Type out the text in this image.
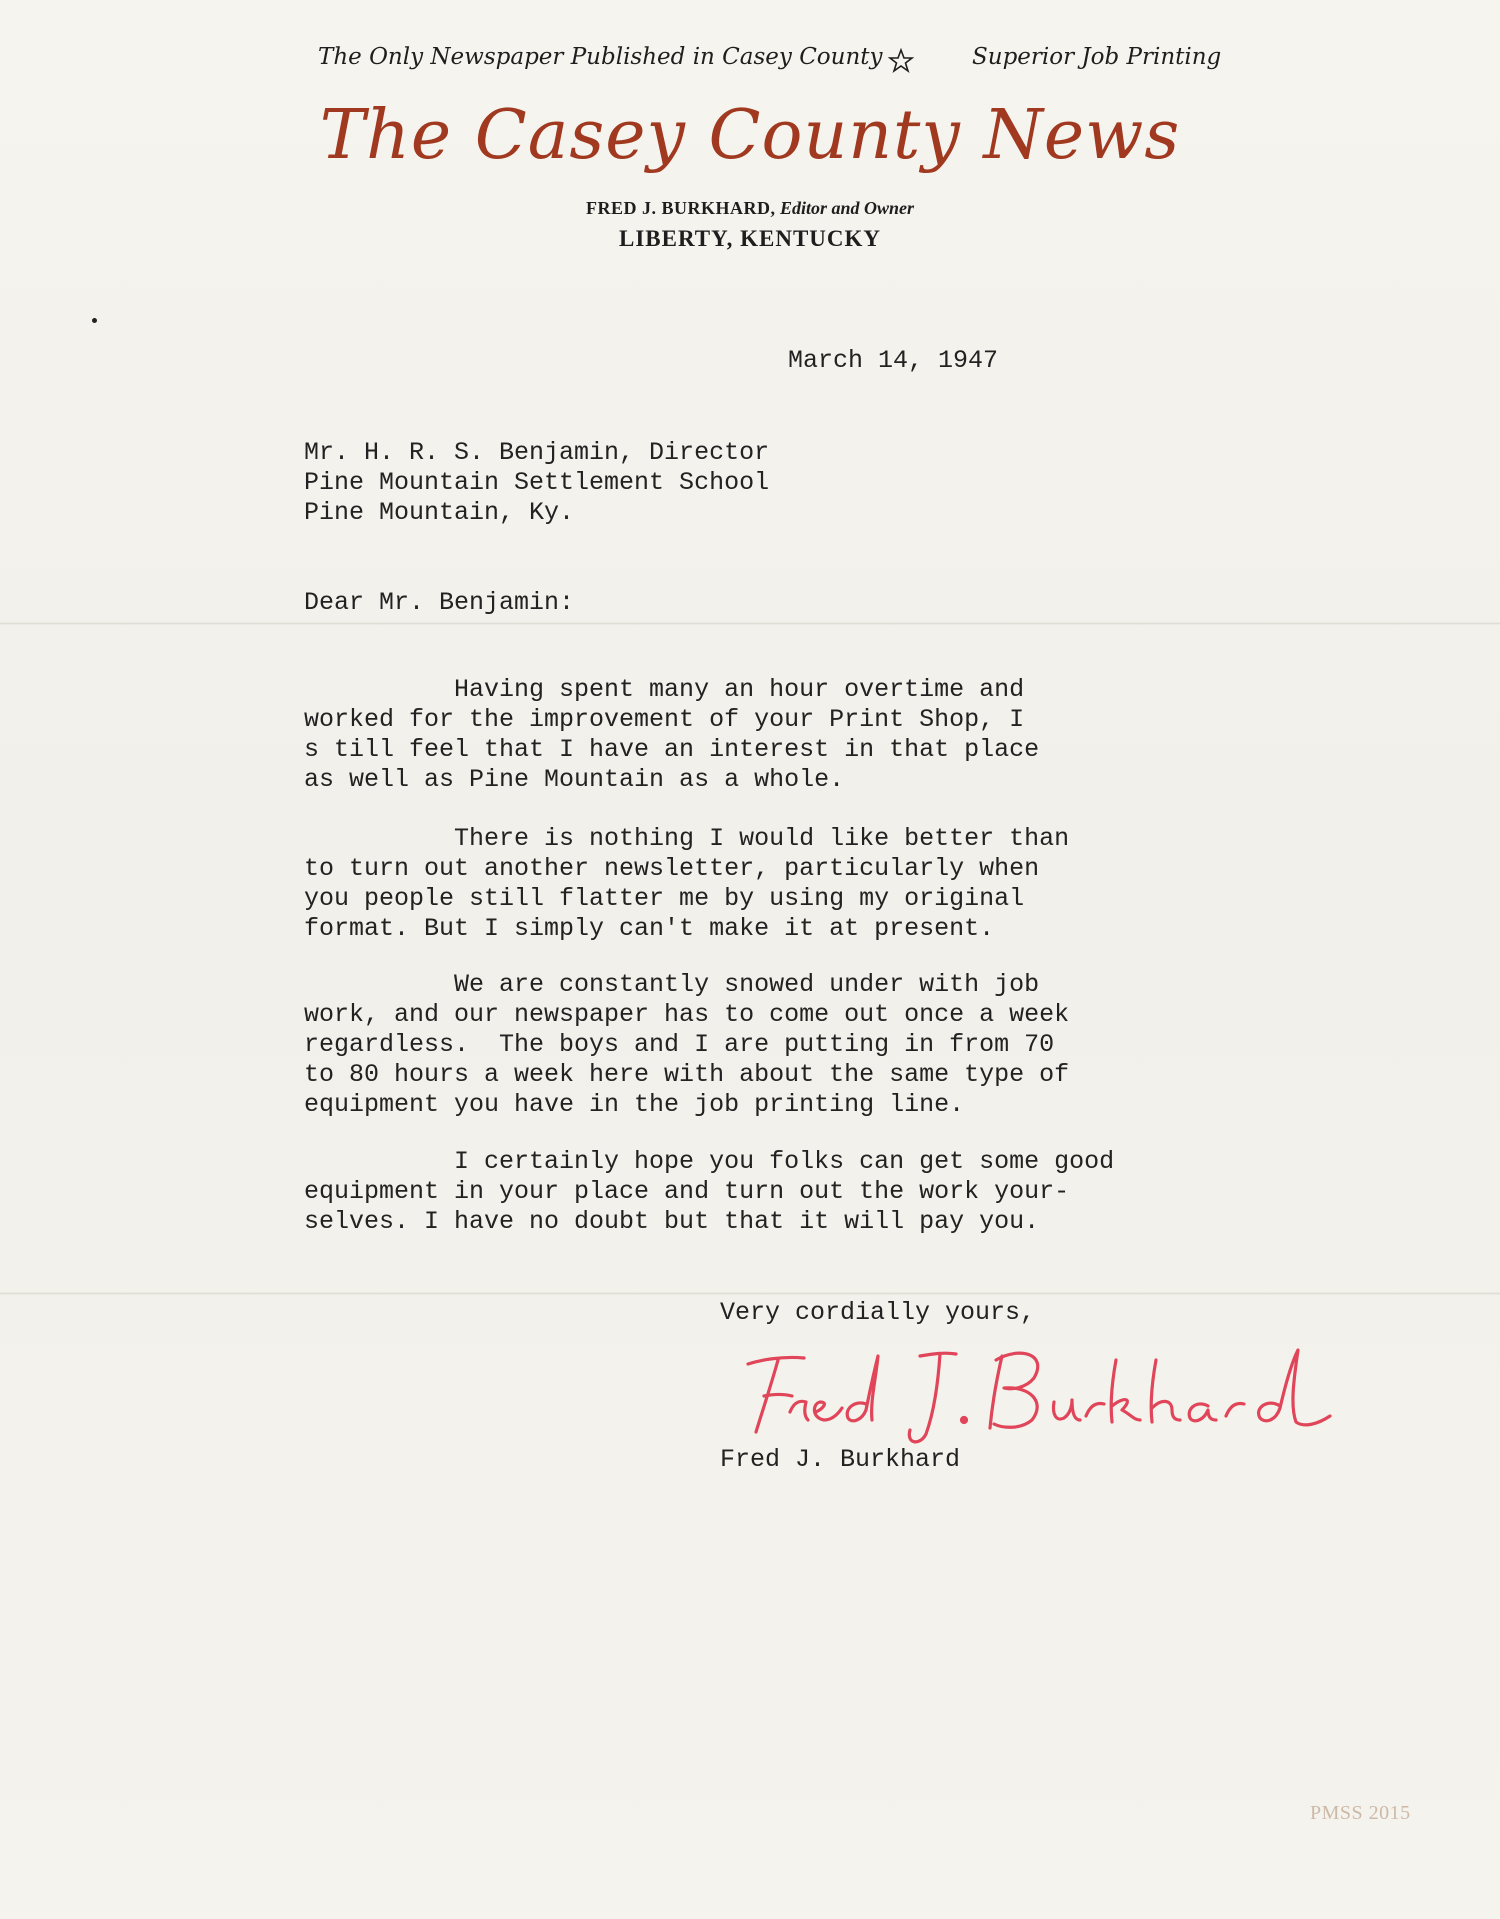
The Only Newspaper Published in Casey County	Superior Job Printing
The Casey County News
FRED J. BURKHARD, Editor and Owner
LIBERTY, KENTUCKY
March 14, 1947
Mr. H. R. S. Benjamin, Director
Pine Mountain Settlement School
Pine Mountain, Ky.
Dear Mr. Benjamin:
Having spent many an hour overtime and
worked for the improvement of your Print Shop, I
s till feel that I have an interest in that place
as well as Pine Mountain as a whole.
There is nothing I would like better than
to turn out another newsletter, particularly when
you people still flatter me by using my original
format. But I simply can't make it at present.
We are constantly snowed under with job
work, and our newspaper has to come out once a week
regardless.  The boys and I are putting in from 70
to 80 hours a week here with about the same type of
equipment you have in the job printing line.
I certainly hope you folks can get some good
equipment in your place and turn out the work your-
selves. I have no doubt but that it will pay you.
Very cordially yours,
Fred J. Burkhard
PMSS 2015
